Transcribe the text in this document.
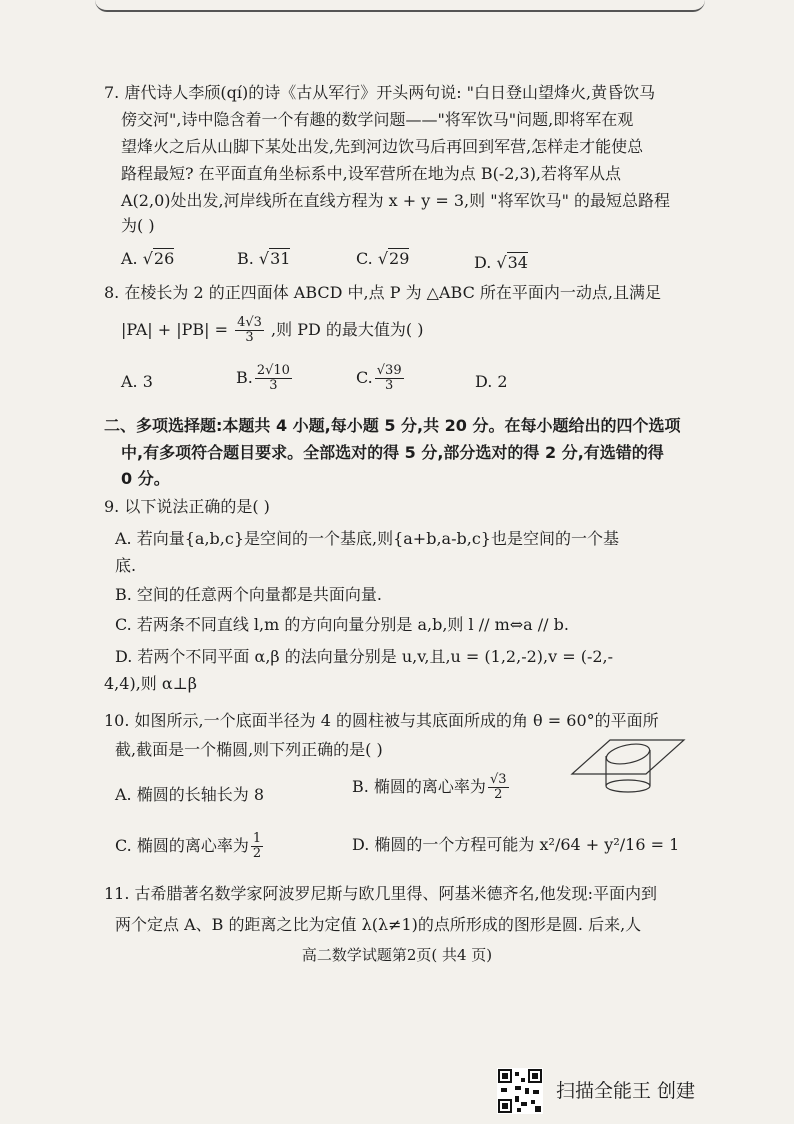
7. 唐代诗人李颀(qí)的诗《古从军行》开头两句说: "白日登山望烽火,黄昏饮马
傍交河",诗中隐含着一个有趣的数学问题——"将军饮马"问题,即将军在观
望烽火之后从山脚下某处出发,先到河边饮马后再回到军营,怎样走才能使总
路程最短? 在平面直角坐标系中,设军营所在地为点 B(-2,3),若将军从点
A(2,0)处出发,河岸线所在直线方程为 x + y = 3,则 "将军饮马" 的最短总路程
为( )
A. √26	B. √31	C. √29	D. √34
8. 在棱长为 2 的正四面体 ABCD 中,点 P 为 △ABC 所在平面内一动点,且满足
$|PA| + |PB| = \frac{4√3}{3}$ ,则 PD 的最大值为( )
A. 3	B. $\frac{2√10}{3}$	C. $\frac{√39}{3}$	D. 2
二、多项选择题:本题共 4 小题,每小题 5 分,共 20 分。在每小题给出的四个选项
中,有多项符合题目要求。全部选对的得 5 分,部分选对的得 2 分,有选错的得
0 分。
9. 以下说法正确的是( )
A. 若向量{a,b,c}是空间的一个基底,则{a+b,a-b,c}也是空间的一个基
底.
B. 空间的任意两个向量都是共面向量.
C. 若两条不同直线 l,m 的方向向量分别是 a,b,则 l // m⇔a // b.
D. 若两个不同平面 α,β 的法向量分别是 u,v,且,u = (1,2,-2),v = (-2,-
4,4),则 α⊥β
10. 如图所示,一个底面半径为 4 的圆柱被与其底面所成的角 θ = 60°的平面所
截,截面是一个椭圆,则下列正确的是( )
A. 椭圆的长轴长为 8	B. 椭圆的离心率为 $\frac{√3}{2}$
C. 椭圆的离心率为 $\frac{1}{2}$	D. 椭圆的一个方程可能为 x²/64 + y²/16 = 1
11. 古希腊著名数学家阿波罗尼斯与欧几里得、阿基米德齐名,他发现:平面内到
两个定点 A、B 的距离之比为定值 λ(λ≠1)的点所形成的图形是圆. 后来,人
高二数学试题第2页( 共4 页)
扫描全能王 创建
